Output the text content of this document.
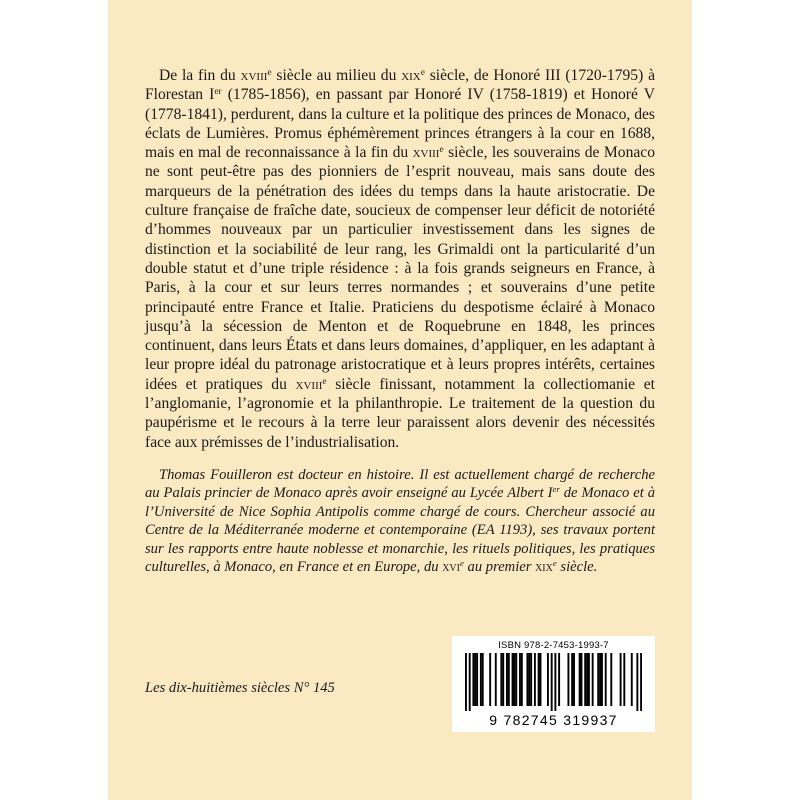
De la fin du xviii$^e$ siècle au milieu du xix$^e$ siècle, de Honoré III (1720-1795) à Florestan Ier (1785-1856), en passant par Honoré IV (1758-1819) et Honoré V (1778-1841), perdurent, dans la culture et la politique des princes de Monaco, des éclats de Lumières. Promus éphémèrement princes étrangers à la cour en 1688, mais en mal de reconnaissance à la fin du xviii$^e$ siècle, les souverains de Monaco ne sont peut-être pas des pionniers de l’esprit nouveau, mais sans doute des marqueurs de la pénétration des idées du temps dans la haute aristocratie. De culture française de fraîche date, soucieux de compenser leur déficit de notoriété d’hommes nouveaux par un particulier investissement dans les signes de distinction et la sociabilité de leur rang, les Grimaldi ont la particularité d’un double statut et d’une triple résidence : à la fois grands seigneurs en France, à Paris, à la cour et sur leurs terres normandes ; et souverains d’une petite principauté entre France et Italie. Praticiens du despotisme éclairé à Monaco jusqu’à la sécession de Menton et de Roquebrune en 1848, les princes continuent, dans leurs États et dans leurs domaines, d’appliquer, en les adaptant à leur propre idéal du patronage aristocratique et à leurs propres intérêts, certaines idées et pratiques du xviii$^e$ siècle finissant, notamment la collectiomanie et l’anglomanie, l’agronomie et la philanthropie. Le traitement de la question du paupérisme et le recours à la terre leur paraissent alors devenir des nécessités face aux prémisses de l’industrialisation.

Thomas Fouilleron est docteur en histoire. Il est actuellement chargé de recherche au Palais princier de Monaco après avoir enseigné au Lycée Albert Ier de Monaco et à l’Université de Nice Sophia Antipolis comme chargé de cours. Chercheur associé au Centre de la Méditerranée moderne et contemporaine (EA 1193), ses travaux portent sur les rapports entre haute noblesse et monarchie, les rituels politiques, les pratiques culturelles, à Monaco, en France et en Europe, du xvi$^e$ au premier xix$^e$ siècle.

Les dix-huitièmes siècles N° 145
ISBN 978-2-7453-1993-7
9 782745 319937
